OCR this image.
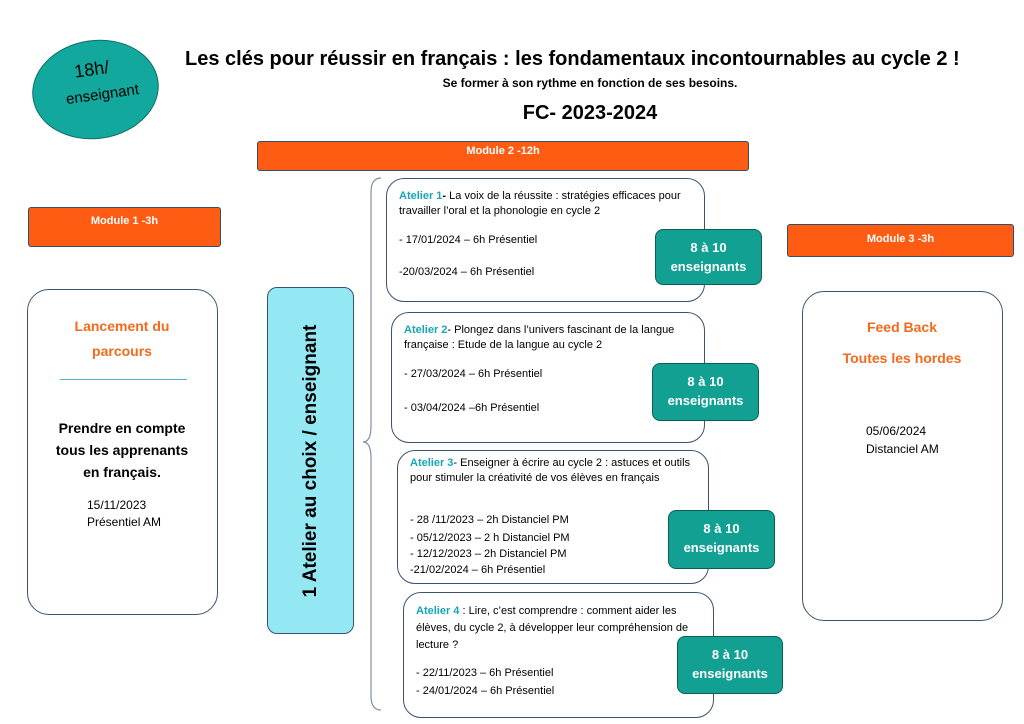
18h/
enseignant
Les clés pour réussir en français : les fondamentaux incontournables au cycle 2 !
Se former à son rythme en fonction de ses besoins.
FC- 2023-2024
Module 2 -12h
Module 1 -3h
Module 3 -3h
Lancement du
parcours
Prendre en compte
tous les apprenants
en français.
15/11/2023
Présentiel AM	1 Atelier au choix / enseignant
Atelier 1- La voix de la réussite : stratégies efficaces pour travailler l’oral et la phonologie en cycle 2
- 17/01/2024 – 6h Présentiel
-20/03/2024 – 6h Présentiel
Atelier 2- Plongez dans l’univers fascinant de la langue française : Etude de la langue au cycle 2
- 27/03/2024 – 6h Présentiel
- 03/04/2024 –6h Présentiel
Atelier 3- Enseigner à écrire au cycle 2 : astuces et outils pour stimuler la créativité de vos élèves en français
- 28 /11/2023 – 2h Distanciel PM
- 05/12/2023 – 2 h Distanciel PM
- 12/12/2023 – 2h Distanciel PM
-21/02/2024 – 6h Présentiel
Atelier 4 : Lire, c’est comprendre : comment aider les élèves, du cycle 2, à développer leur compréhension de lecture ?
- 22/11/2023 – 6h Présentiel
- 24/01/2024 – 6h Présentiel
8 à 10
enseignants
8 à 10
enseignants
8 à 10
enseignants
8 à 10
enseignants
Feed Back
Toutes les hordes
05/06/2024
Distanciel AM
